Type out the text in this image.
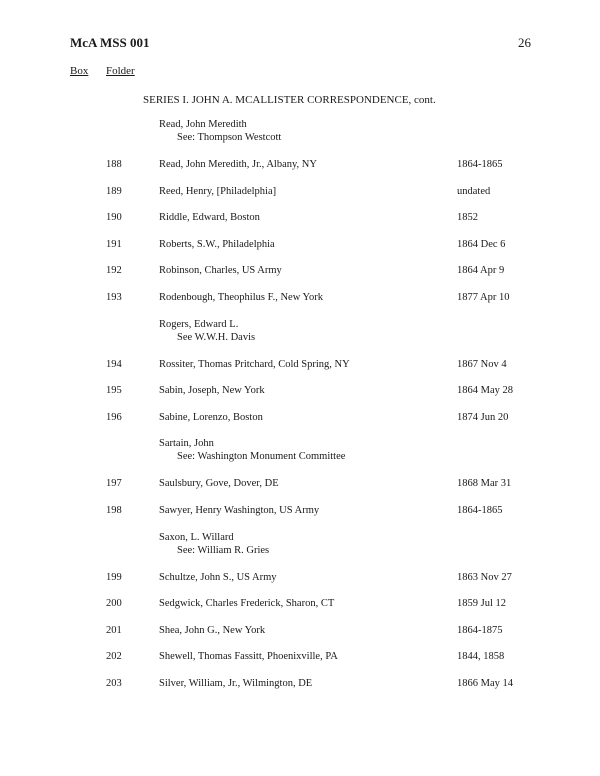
McA MSS 001	26
Box Folder
SERIES I. JOHN A. MCALLISTER CORRESPONDENCE, cont.
Read, John Meredith
See: Thompson Westcott
188	Read, John Meredith, Jr., Albany, NY	1864-1865
189	Reed, Henry, [Philadelphia]	undated
190	Riddle, Edward, Boston	1852
191	Roberts, S.W., Philadelphia	1864 Dec 6
192	Robinson, Charles, US Army	1864 Apr 9
193	Rodenbough, Theophilus F., New York	1877 Apr 10
Rogers, Edward L.
See W.W.H. Davis
194	Rossiter, Thomas Pritchard, Cold Spring, NY	1867 Nov 4
195	Sabin, Joseph, New York	1864 May 28
196	Sabine, Lorenzo, Boston	1874 Jun 20
Sartain, John
See: Washington Monument Committee
197	Saulsbury, Gove, Dover, DE	1868 Mar 31
198	Sawyer, Henry Washington, US Army	1864-1865
Saxon, L. Willard
See: William R. Gries
199	Schultze, John S., US Army	1863 Nov 27
200	Sedgwick, Charles Frederick, Sharon, CT	1859 Jul 12
201	Shea, John G., New York	1864-1875
202	Shewell, Thomas Fassitt, Phoenixville, PA	1844, 1858
203	Silver, William, Jr., Wilmington, DE	1866 May 14
